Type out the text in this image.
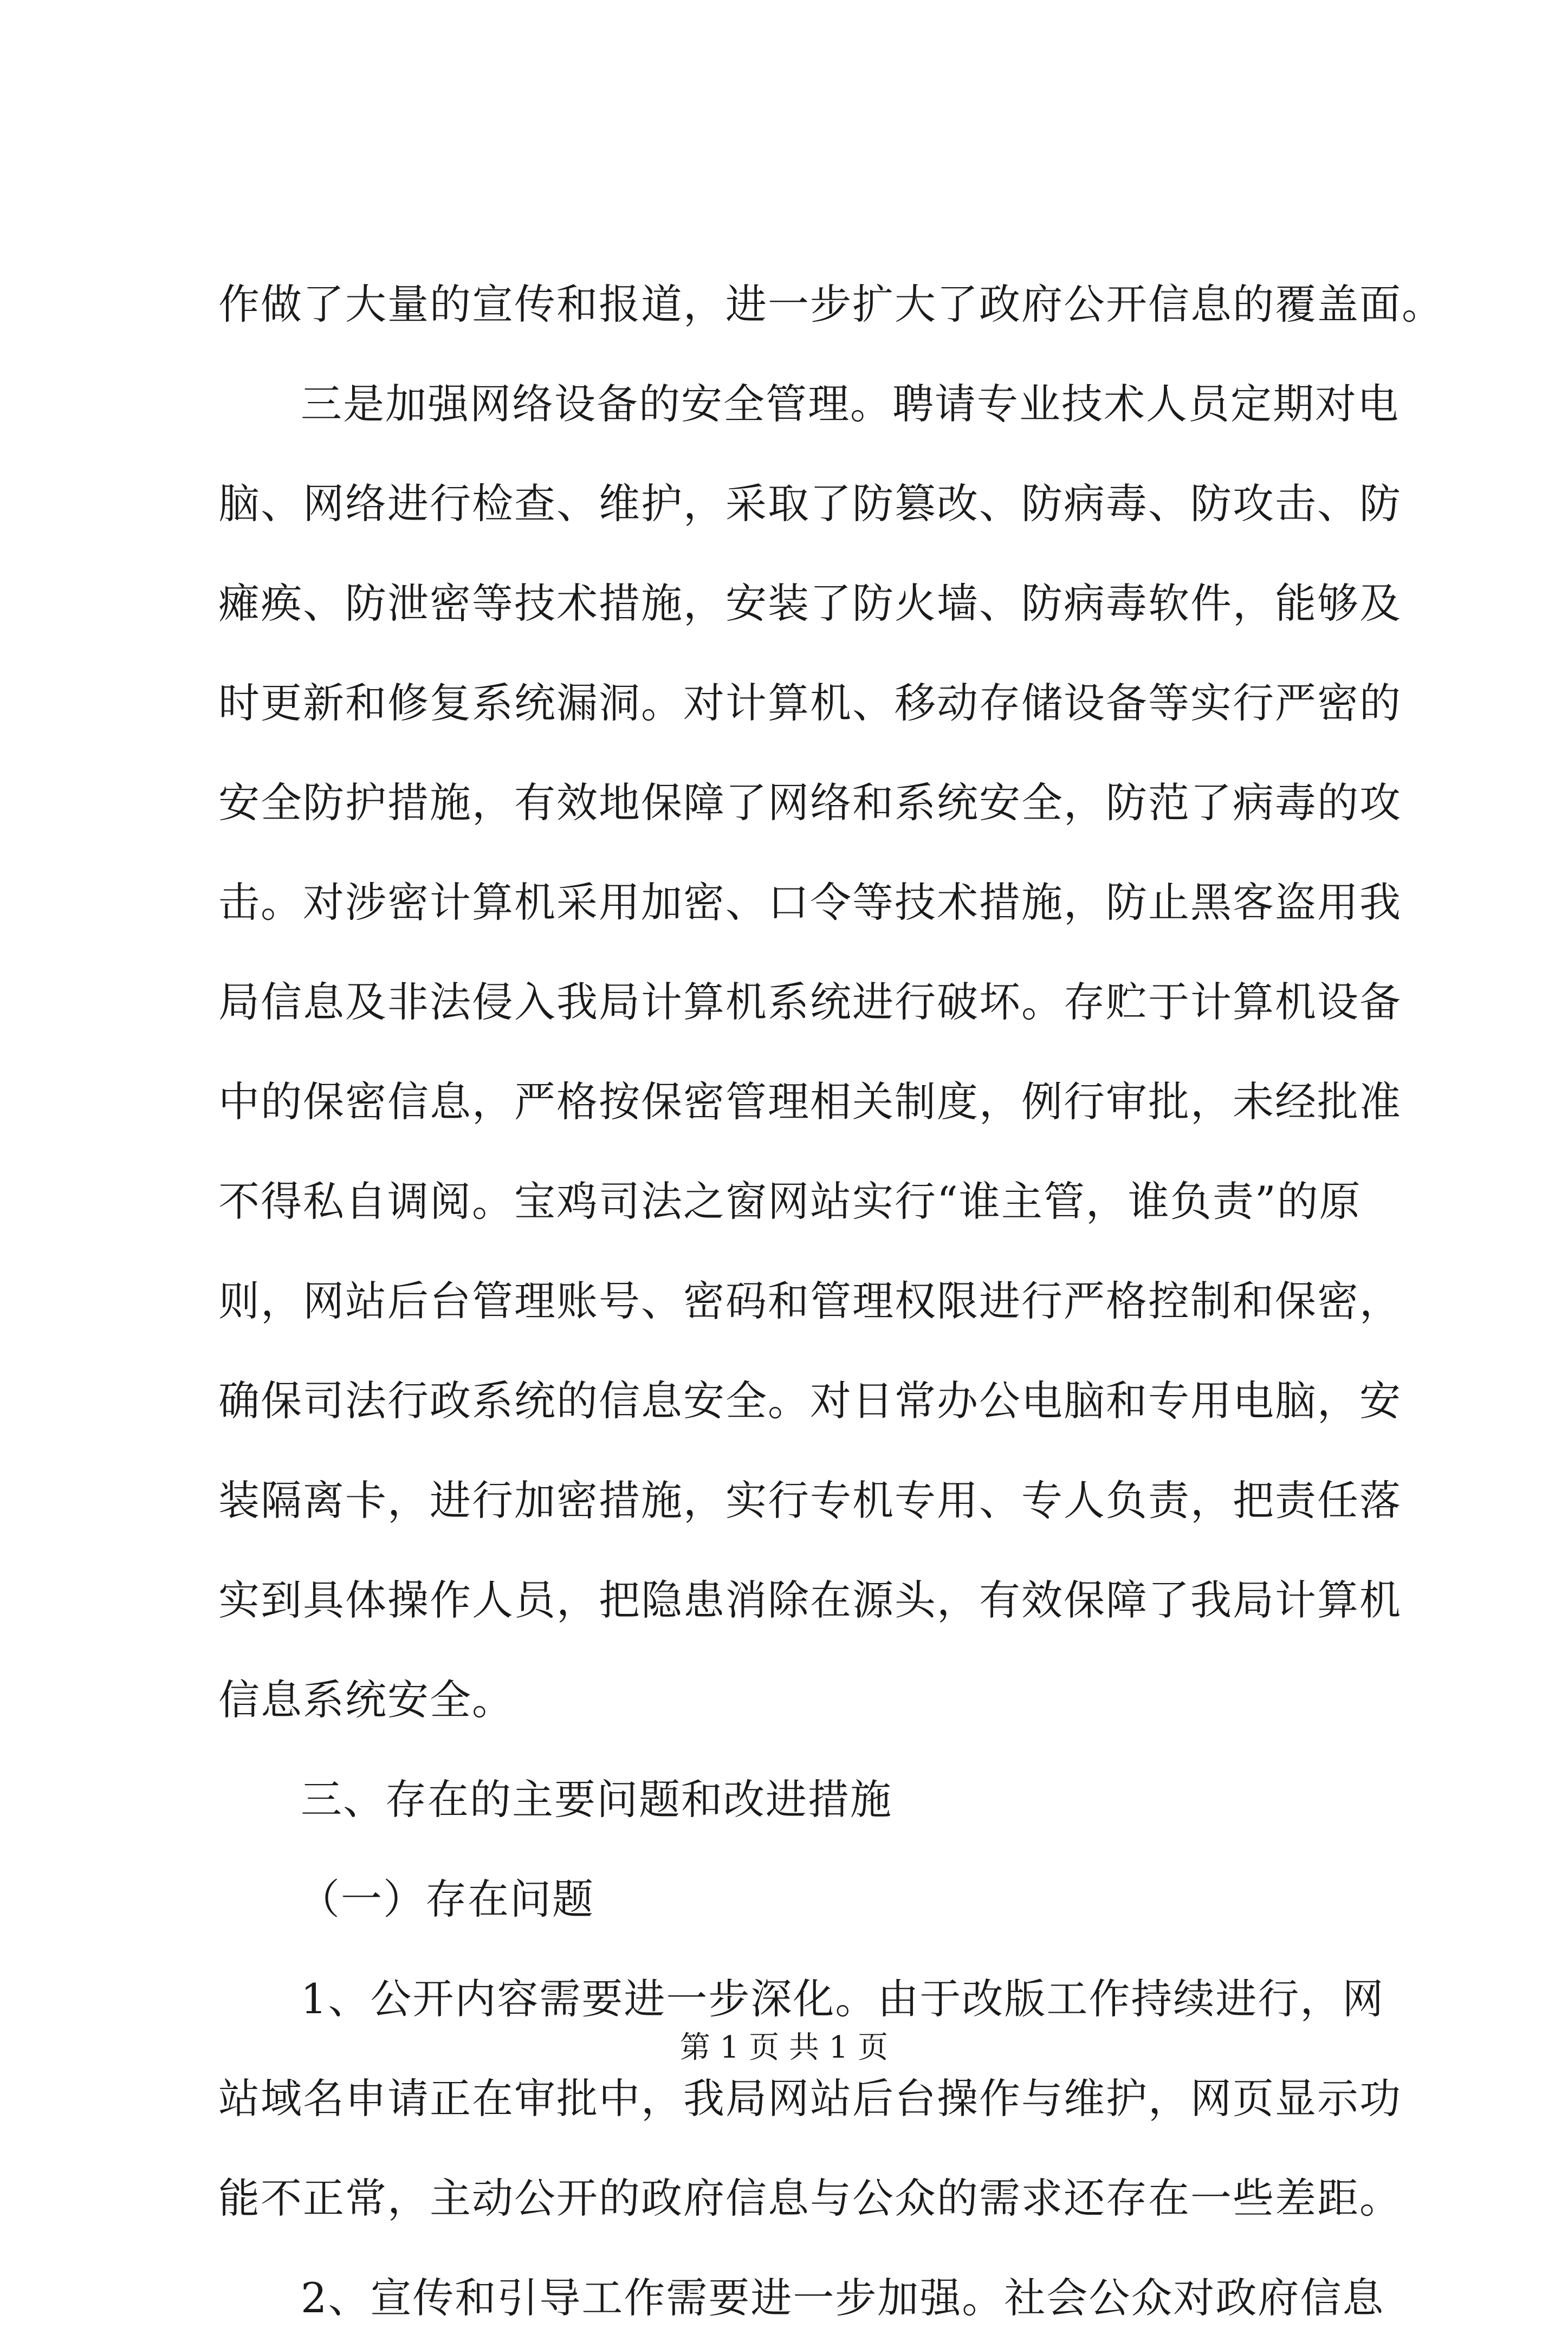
作做了大量的宣传和报道，进一步扩大了政府公开信息的覆盖面。
三是加强网络设备的安全管理。聘请专业技术人员定期对电
脑、网络进行检查、维护，采取了防篡改、防病毒、防攻击、防
瘫痪、防泄密等技术措施，安装了防火墙、防病毒软件，能够及
时更新和修复系统漏洞。对计算机、移动存储设备等实行严密的
安全防护措施，有效地保障了网络和系统安全，防范了病毒的攻
击。对涉密计算机采用加密、口令等技术措施，防止黑客盗用我
局信息及非法侵入我局计算机系统进行破坏。存贮于计算机设备
中的保密信息，严格按保密管理相关制度，例行审批，未经批准
不得私自调阅。宝鸡司法之窗网站实行“谁主管，谁负责”的原
则，网站后台管理账号、密码和管理权限进行严格控制和保密，
确保司法行政系统的信息安全。对日常办公电脑和专用电脑，安
装隔离卡，进行加密措施，实行专机专用、专人负责，把责任落
实到具体操作人员，把隐患消除在源头，有效保障了我局计算机
信息系统安全。
三、存在的主要问题和改进措施
（一）存在问题
1、公开内容需要进一步深化。由于改版工作持续进行，网
站域名申请正在审批中，我局网站后台操作与维护，网页显示功
能不正常，主动公开的政府信息与公众的需求还存在一些差距。
2、宣传和引导工作需要进一步加强。社会公众对政府信息
第 1 页 共 1 页
